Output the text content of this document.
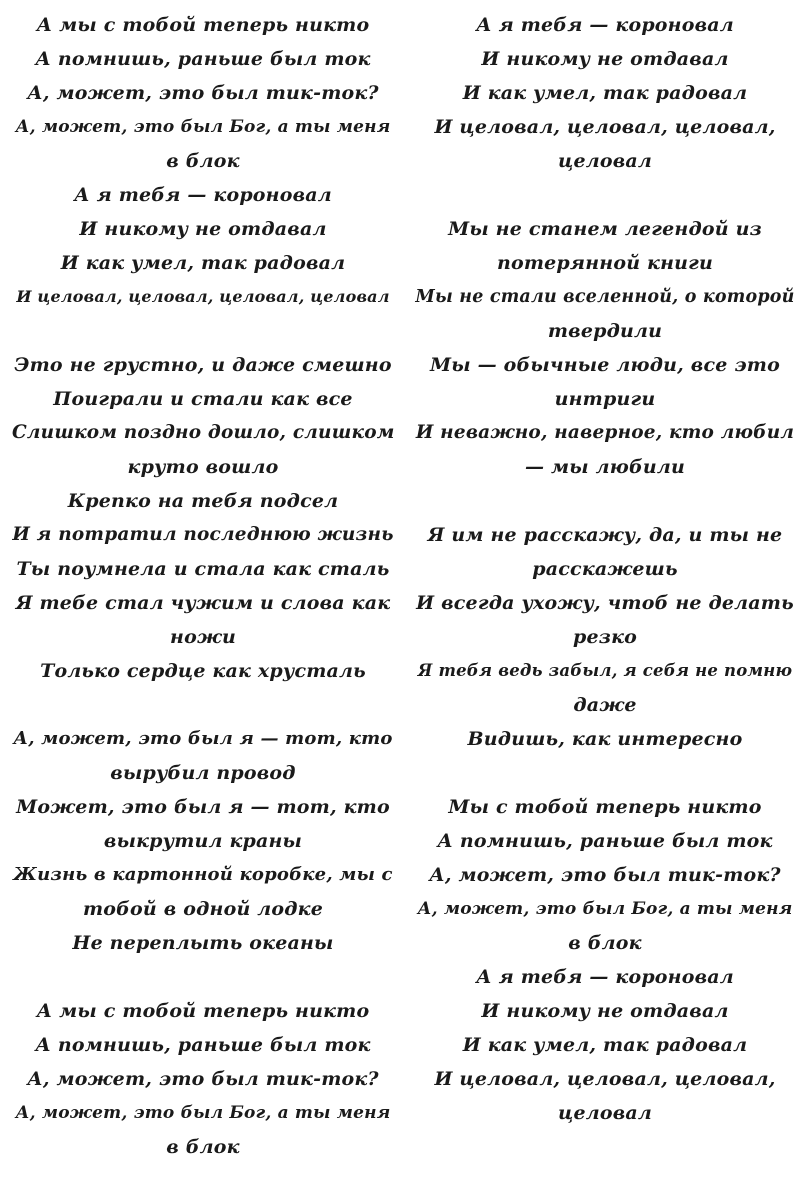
А мы с тобой теперь никто
А помнишь, раньше был ток
А, может, это был тик-ток?
А, может, это был Бог, а ты меня
в блок
А я тебя — короновал
И никому не отдавал
И как умел, так радовал
И целовал, целовал, целовал, целовал
Это не грустно, и даже смешно
Поиграли и стали как все
Слишком поздно дошло, слишком
круто вошло
Крепко на тебя подсел
И я потратил последнюю жизнь
Ты поумнела и стала как сталь
Я тебе стал чужим и слова как
ножи
Только сердце как хрусталь
А, может, это был я — тот, кто
вырубил провод
Может, это был я — тот, кто
выкрутил краны
Жизнь в картонной коробке, мы с
тобой в одной лодке
Не переплыть океаны
А мы с тобой теперь никто
А помнишь, раньше был ток
А, может, это был тик-ток?
А, может, это был Бог, а ты меня
в блок
А я тебя — короновал
И никому не отдавал
И как умел, так радовал
И целовал, целовал, целовал,
целовал
Мы не станем легендой из
потерянной книги
Мы не стали вселенной, о которой
твердили
Мы — обычные люди, все это
интриги
И неважно, наверное, кто любил
— мы любили
Я им не расскажу, да, и ты не
расскажешь
И всегда ухожу, чтоб не делать
резко
Я тебя ведь забыл, я себя не помню
даже
Видишь, как интересно
Мы с тобой теперь никто
А помнишь, раньше был ток
А, может, это был тик-ток?
А, может, это был Бог, а ты меня
в блок
А я тебя — короновал
И никому не отдавал
И как умел, так радовал
И целовал, целовал, целовал,
целовал
